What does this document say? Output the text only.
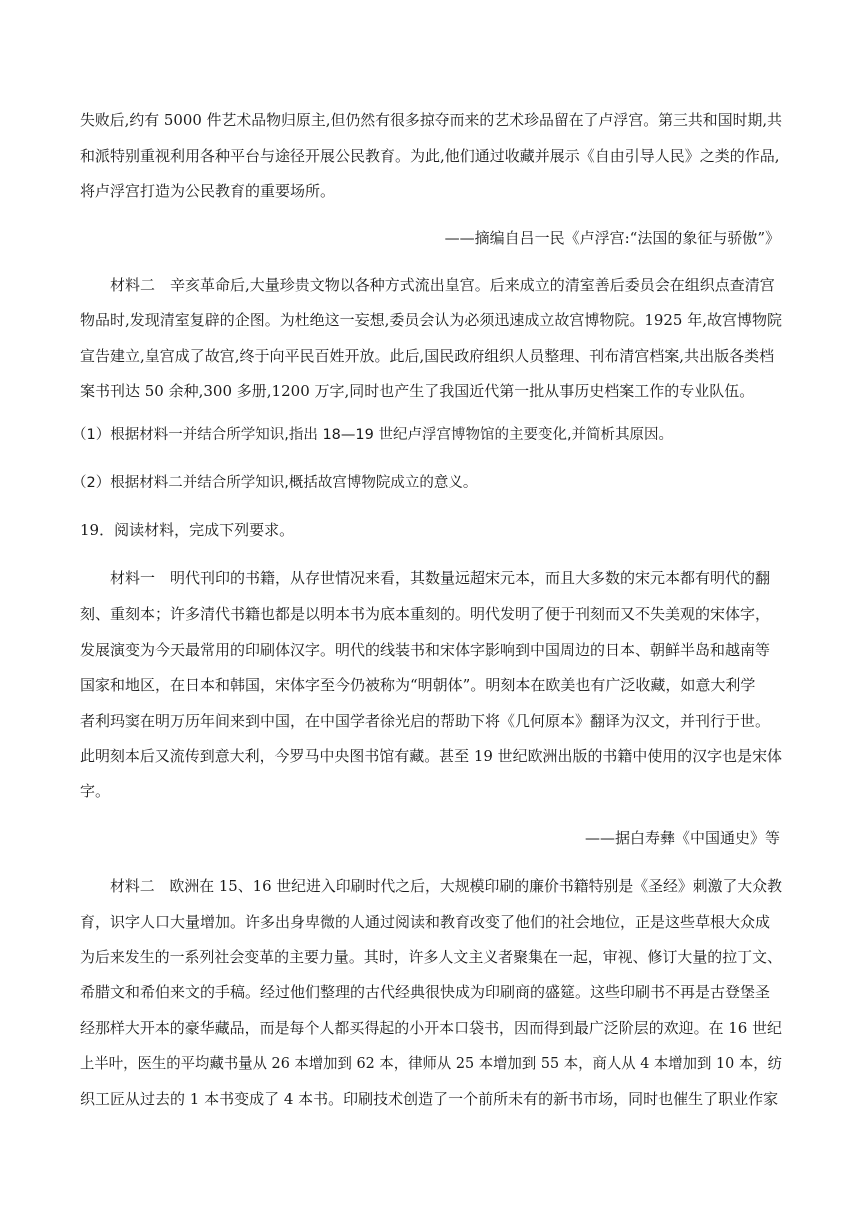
失败后,约有 5000 件艺术品物归原主,但仍然有很多掠夺而来的艺术珍品留在了卢浮宫。第三共和国时期,共
和派特别重视利用各种平台与途径开展公民教育。为此,他们通过收藏并展示《自由引导人民》之类的作品,
将卢浮宫打造为公民教育的重要场所。
——摘编自吕一民《卢浮宫:“法国的象征与骄傲”》
材料二　辛亥革命后,大量珍贵文物以各种方式流出皇宫。后来成立的清室善后委员会在组织点查清宫
物品时,发现清室复辟的企图。为杜绝这一妄想,委员会认为必须迅速成立故宫博物院。1925 年,故宫博物院
宣告建立,皇宫成了故宫,终于向平民百姓开放。此后,国民政府组织人员整理、刊布清宫档案,共出版各类档
案书刊达 50 余种,300 多册,1200 万字,同时也产生了我国近代第一批从事历史档案工作的专业队伍。
（1）根据材料一并结合所学知识,指出 18—19 世纪卢浮宫博物馆的主要变化,并简析其原因。
（2）根据材料二并结合所学知识,概括故宫博物院成立的意义。
19．阅读材料，完成下列要求。
材料一　明代刊印的书籍，从存世情况来看，其数量远超宋元本，而且大多数的宋元本都有明代的翻
刻、重刻本；许多清代书籍也都是以明本书为底本重刻的。明代发明了便于刊刻而又不失美观的宋体字，
发展演变为今天最常用的印刷体汉字。明代的线装书和宋体字影响到中国周边的日本、朝鲜半岛和越南等
国家和地区，在日本和韩国，宋体字至今仍被称为“明朝体”。明刻本在欧美也有广泛收藏，如意大利学
者利玛窦在明万历年间来到中国，在中国学者徐光启的帮助下将《几何原本》翻译为汉文，并刊行于世。
此明刻本后又流传到意大利，今罗马中央图书馆有藏。甚至 19 世纪欧洲出版的书籍中使用的汉字也是宋体
字。
——据白寿彝《中国通史》等
材料二　欧洲在 15、16 世纪进入印刷时代之后，大规模印刷的廉价书籍特别是《圣经》刺激了大众教
育，识字人口大量增加。许多出身卑微的人通过阅读和教育改变了他们的社会地位，正是这些草根大众成
为后来发生的一系列社会变革的主要力量。其时，许多人文主义者聚集在一起，审视、修订大量的拉丁文、
希腊文和希伯来文的手稿。经过他们整理的古代经典很快成为印刷商的盛筵。这些印刷书不再是古登堡圣
经那样大开本的豪华藏品，而是每个人都买得起的小开本口袋书，因而得到最广泛阶层的欢迎。在 16 世纪
上半叶，医生的平均藏书量从 26 本增加到 62 本，律师从 25 本增加到 55 本，商人从 4 本增加到 10 本，纺
织工匠从过去的 1 本书变成了 4 本书。印刷技术创造了一个前所未有的新书市场，同时也催生了职业作家
